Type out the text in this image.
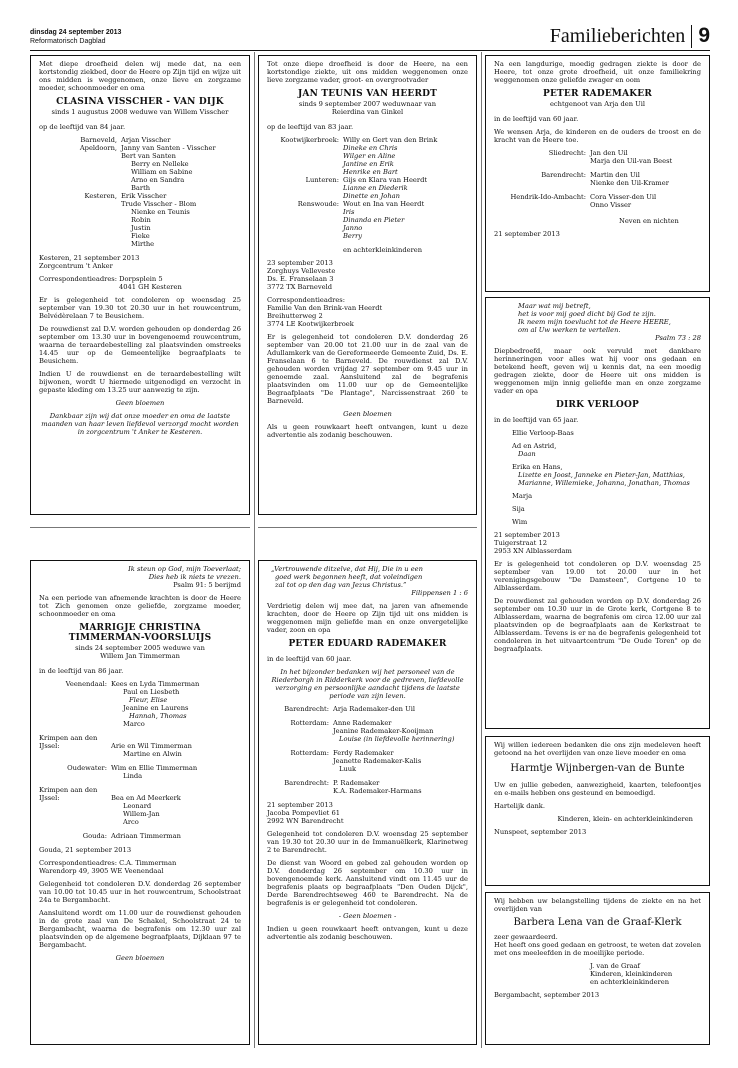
dinsdag 24 september 2013
Reformatorisch Dagblad	Familieberichten 9

Met diepe droefheid delen wij mede dat, na een kortstondig ziekbed, door de Heere op Zijn tijd en wijze uit ons midden is weggenomen, onze lieve en zorgzame moeder, schoonmoeder en oma

CLASINA VISSCHER - VAN DIJK
sinds 1 augustus 2008 weduwe van Willem Visscher

op de leeftijd van 84 jaar.

Barneveld, Arjan Visscher
Apeldoorn, Janny van Santen - Visscher
Bert van Santen
Berry en Nelleke
William en Sabine
Arno en Sandra
Barth
Kesteren, Erik Visscher
Trude Visscher - Blom
Nienke en Teunis
Robin
Justin
Fieke
Mirthe
Kesteren, 21 september 2013

Zorgcentrum 't Anker

Correspondentieadres: Dorpsplein 5

4041 GH Kesteren

Er is gelegenheid tot condoleren op woensdag 25 september van 19.30 tot 20.30 uur in het rouwcentrum, Belvédèrelaan 7 te Beusichem.

De rouwdienst zal D.V. worden gehouden op donderdag 26 september om 13.30 uur in bovengenoemd rouwcentrum, waarna de teraardebestelling zal plaatsvinden omstreeks 14.45 uur op de Gemeentelijke begraafplaats te Beusichem.

Indien U de rouwdienst en de teraardebestelling wilt bijwonen, wordt U hiermede uitgenodigd en verzocht in gepaste kleding om 13.25 uur aanwezig te zijn.

Geen bloemen

Dankbaar zijn wij dat onze moeder en oma de laatste maanden van haar leven liefdevol verzorgd mocht worden in zorgcentrum 't Anker te Kesteren.

Tot onze diepe droefheid is door de Heere, na een kortstondige ziekte, uit ons midden weggenomen onze lieve zorgzame vader, groot- en overgrootvader

JAN TEUNIS VAN HEERDT
sinds 9 september 2007 weduwnaar van
Reierdina van Ginkel

op de leeftijd van 83 jaar.

Kootwijkerbroek: Willy en Gert van den Brink
Dineke en Chris
Wilger en Aline
Jantine en Erik
Henrike en Bart
Lunteren: Gijs en Klara van Heerdt
Lianne en Diederik
Dinette en Johan
Renswoude: Wout en Ina van Heerdt
Iris
Dinanda en Pieter
Janno
Berry

en achterkleinkinderen

23 september 2013
Zorghuys Velleveste
Ds. E. Franselaan 3

3772 TX Barneveld

Correspondentieadres:
Familie Van den Brink-van Heerdt
Breihutterweg 2

3774 LE Kootwijkerbroek

Er is gelegenheid tot condoleren D.V. donderdag 26 september van 20.00 tot 21.00 uur in de zaal van de Adullamkerk van de Gereformeerde Gemeente Zuid, Ds. E. Franselaan 6 te Barneveld. De rouwdienst zal D.V. gehouden worden vrijdag 27 september om 9.45 uur in genoemde zaal. Aansluitend zal de begrafenis plaatsvinden om 11.00 uur op de Gemeentelijke Begraafplaats "De Plantage", Narcissenstraat 260 te Barneveld.

Geen bloemen

Als u geen rouwkaart heeft ontvangen, kunt u deze advertentie als zodanig beschouwen.

Na een langdurige, moedig gedragen ziekte is door de Heere, tot onze grote droefheid, uit onze familiekring weggenomen onze geliefde zwager en oom

PETER RADEMAKER
echtgenoot van Arja den Uil

in de leeftijd van 60 jaar.

We wensen Arja, de kinderen en de ouders de troost en de kracht van de Heere toe.

Sliedrecht: Jan den Uil
Marja den Uil-van Beest
Barendrecht: Martin den Uil
Nienke den Uil-Kramer
Hendrik-Ido-Ambacht: Cora Visser-den Uil
Onno Visser

Neven en nichten

21 september 2013

Maar wat mij betreft,
het is voor mij goed dicht bij God te zijn.
Ik neem mijn toevlucht tot de Heere HEERE,
om al Uw werken te vertellen.

Psalm 73 : 28

Diepbedroefd, maar ook vervuld met dankbare herinneringen voor alles wat hij voor ons gedaan en betekend heeft, geven wij u kennis dat, na een moedig gedragen ziekte, door de Heere uit ons midden is weggenomen mijn innig geliefde man en onze zorgzame vader en opa

DIRK VERLOOP

in de leeftijd van 65 jaar.

Ellie Verloop-Baas

Ad en Astrid,
Daan

Erika en Hans,

Lizette en Joost, Janneke en Pieter-Jan, Matthias, Marianne, Willemieke, Johanna, Jonathan, Thomas

Marja

Sija

Wim

21 september 2013
Tuigerstraat 12

2953 XN Alblasserdam

Er is gelegenheid tot condoleren op D.V. woensdag 25 september van 19.00 tot 20.00 uur in het verenigingsgebouw "De Damsteen", Cortgene 10 te Alblasserdam.

De rouwdienst zal gehouden worden op D.V. donderdag 26 september om 10.30 uur in de Grote kerk, Cortgene 8 te Alblasserdam, waarna de begrafenis om circa 12.00 uur zal plaatsvinden op de begraafplaats aan de Kerkstraat te Alblasserdam. Tevens is er na de begrafenis gelegenheid tot condoleren in het uitvaartcentrum "De Oude Toren" op de begraafplaats.

Ik steun op God, mijn Toeverlaat;
Dies heb ik niets te vrezen.

Psalm 91: 5 berijmd

Na een periode van afnemende krachten is door de Heere tot Zich genomen onze geliefde, zorgzame moeder, schoonmoeder en oma

MARRIGJE CHRISTINA
TIMMERMAN-VOORSLUIJS
sinds 24 september 2005 weduwe van
Willem Jan Timmerman

in de leeftijd van 86 jaar.

Veenendaal: Kees en Lyda Timmerman
Paul en Liesbeth
Fleur, Elise
Jeanine en Laurens
Hannah, Thomas
Marco
Krimpen aan den IJssel:	Arie en Wil Timmerman
Martine en Alwin
Oudewater: Wim en Ellie Timmerman
Linda
Krimpen aan den IJssel:	Bea en Ad Meerkerk
Leonard
Willem-Jan
Arco
Gouda: Adriaan Timmerman

Gouda, 21 september 2013

Correspondentieadres: C.A. Timmerman

Warendorp 49, 3905 WE Veenendaal

Gelegenheid tot condoleren D.V. donderdag 26 september van 10.00 tot 10.45 uur in het rouwcentrum, Schoolstraat 24a te Bergambacht.

Aansluitend wordt om 11.00 uur de rouwdienst gehouden in de grote zaal van De Schakel, Schoolstraat 24 te Bergambacht, waarna de begrafenis om 12.30 uur zal plaatsvinden op de algemene begraafplaats, Dijklaan 97 te Bergambacht.

Geen bloemen

„Vertrouwende ditzelve, dat Hij, Die in u een
goed werk begonnen heeft, dat voleindigen
zal tot op den dag van Jezus Christus.”

Filippensen 1 : 6

Verdrietig delen wij mee dat, na jaren van afnemende krachten, door de Heere op Zijn tijd uit ons midden is weggenomen mijn geliefde man en onze onvergetelijke vader, zoon en opa

PETER EDUARD RADEMAKER

in de leeftijd van 60 jaar.

In het bijzonder bedanken wij het personeel van de Riederborgh in Ridderkerk voor de gedreven, liefdevolle verzorging en persoonlijke aandacht tijdens de laatste periode van zijn leven.

Barendrecht: Arja Rademaker-den Uil
Rotterdam: Anne Rademaker
Jeanine Rademaker-Kooijman
Louise (in liefdevolle herinnering)
Rotterdam: Ferdy Rademaker
Jeanette Rademaker-Kalis
Luuk
Barendrecht: P. Rademaker
K.A. Rademaker-Harmans
21 september 2013
Jacoba Pompevliet 61

2992 WN Barendrecht

Gelegenheid tot condoleren D.V. woensdag 25 september van 19.30 tot 20.30 uur in de Immanuëlkerk, Klarinetweg 2 te Barendrecht.

De dienst van Woord en gebed zal gehouden worden op D.V. donderdag 26 september om 10.30 uur in bovengenoemde kerk. Aansluitend vindt om 11.45 uur de begrafenis plaats op begraafplaats "Den Ouden Dijck", Derde Barendrechtseweg 460 te Barendrecht. Na de begrafenis is er gelegenheid tot condoleren.

- Geen bloemen -

Indien u geen rouwkaart heeft ontvangen, kunt u deze advertentie als zodanig beschouwen.

Wij willen iedereen bedanken die ons zijn medeleven heeft getoond na het overlijden van onze lieve moeder en oma

Harmtje Wijnbergen-van de Bunte

Uw en jullie gebeden, aanwezigheid, kaarten, telefoontjes en e-mails hebben ons gesteund en bemoedigd.

Hartelijk dank.

Kinderen, klein- en achterkleinkinderen

Nunspeet, september 2013

Wij hebben uw belangstelling tijdens de ziekte en na het overlijden van

Barbera Lena van de Graaf-Klerk
zeer gewaardeerd.

Het heeft ons goed gedaan en getroost, te weten dat zovelen met ons meeleefden in de moeilijke periode.

J. van de Graaf
Kinderen, kleinkinderen

en achterkleinkinderen

Bergambacht, september 2013
